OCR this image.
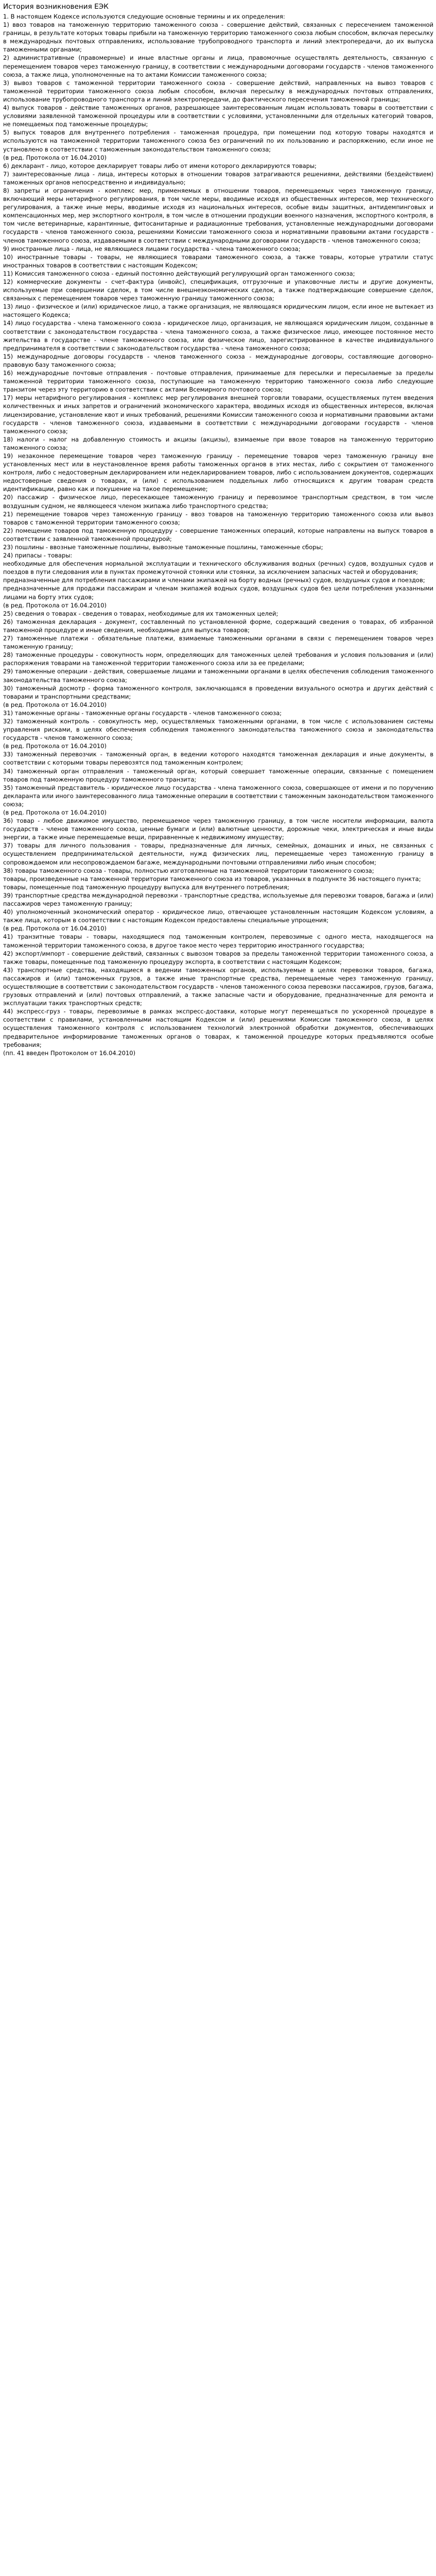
История возникновения ЕЭК

1. В настоящем Кодексе используются следующие основные термины и их определения:

1) ввоз товаров на таможенную территорию таможенного союза - совершение действий, связанных с пересечением таможенной границы, в результате которых товары прибыли на таможенную территорию таможенного союза любым способом, включая пересылку в международных почтовых отправлениях, использование трубопроводного транспорта и линий электропередачи, до их выпуска таможенными органами;

2) административные (правомерные) и иные властные органы и лица, правомочные осуществлять деятельность, связанную с перемещением товаров через таможенную границу, в соответствии с международными договорами государств - членов таможенного союза, а также лица, уполномоченные на то актами Комиссии таможенного союза;

3) вывоз товаров с таможенной территории таможенного союза - совершение действий, направленных на вывоз товаров с таможенной территории таможенного союза любым способом, включая пересылку в международных почтовых отправлениях, использование трубопроводного транспорта и линий электропередачи, до фактического пересечения таможенной границы;

4) выпуск товаров - действие таможенных органов, разрешающее заинтересованным лицам использовать товары в соответствии с условиями заявленной таможенной процедуры или в соответствии с условиями, установленными для отдельных категорий товаров, не помещаемых под таможенные процедуры;

5) выпуск товаров для внутреннего потребления - таможенная процедура, при помещении под которую товары находятся и используются на таможенной территории таможенного союза без ограничений по их пользованию и распоряжению, если иное не установлено в соответствии с таможенным законодательством таможенного союза;

(в ред. Протокола от 16.04.2010)

6) декларант - лицо, которое декларирует товары либо от имени которого декларируются товары;

7) заинтересованные лица - лица, интересы которых в отношении товаров затрагиваются решениями, действиями (бездействием) таможенных органов непосредственно и индивидуально;

8) запреты и ограничения - комплекс мер, применяемых в отношении товаров, перемещаемых через таможенную границу, включающий меры нетарифного регулирования, в том числе меры, вводимые исходя из общественных интересов, мер технического регулирования, а также иные меры, вводимые исходя из национальных интересов, особые виды защитных, антидемпинговых и компенсационных мер, мер экспортного контроля, в том числе в отношении продукции военного назначения, экспортного контроля, в том числе ветеринарные, карантинные, фитосанитарные и радиационные требования, установленные международными договорами государств - членов таможенного союза, решениями Комиссии таможенного союза и нормативными правовыми актами государств - членов таможенного союза, издаваемыми в соответствии с международными договорами государств - членов таможенного союза;

9) иностранные лица - лица, не являющиеся лицами государства - члена таможенного союза;

10) иностранные товары - товары, не являющиеся товарами таможенного союза, а также товары, которые утратили статус иностранных товаров в соответствии с настоящим Кодексом;

11) Комиссия таможенного союза - единый постоянно действующий регулирующий орган таможенного союза;

12) коммерческие документы - счет-фактура (инвойс), спецификация, отгрузочные и упаковочные листы и другие документы, используемые при совершении сделок, в том числе внешнеэкономических сделок, а также подтверждающие совершение сделок, связанных с перемещением товаров через таможенную границу таможенного союза;

13) лицо - физическое и (или) юридическое лицо, а также организация, не являющаяся юридическим лицом, если иное не вытекает из настоящего Кодекса;

14) лицо государства - члена таможенного союза - юридическое лицо, организация, не являющаяся юридическим лицом, созданные в соответствии с законодательством государства - члена таможенного союза, а также физическое лицо, имеющее постоянное место жительства в государстве - члене таможенного союза, или физическое лицо, зарегистрированное в качестве индивидуального предпринимателя в соответствии с законодательством государства - члена таможенного союза;

15) международные договоры государств - членов таможенного союза - международные договоры, составляющие договорно-правовую базу таможенного союза;

16) международные почтовые отправления - почтовые отправления, принимаемые для пересылки и пересылаемые за пределы таможенной территории таможенного союза, поступающие на таможенную территорию таможенного союза либо следующие транзитом через эту территорию в соответствии с актами Всемирного почтового союза;

17) меры нетарифного регулирования - комплекс мер регулирования внешней торговли товарами, осуществляемых путем введения количественных и иных запретов и ограничений экономического характера, вводимых исходя из общественных интересов, включая лицензирование, установление квот и иных требований, решениями Комиссии таможенного союза и нормативными правовыми актами государств - членов таможенного союза, издаваемыми в соответствии с международными договорами государств - членов таможенного союза;

18) налоги - налог на добавленную стоимость и акцизы (акцизы), взимаемые при ввозе товаров на таможенную территорию таможенного союза;

19) незаконное перемещение товаров через таможенную границу - перемещение товаров через таможенную границу вне установленных мест или в неустановленное время работы таможенных органов в этих местах, либо с сокрытием от таможенного контроля, либо с недостоверным декларированием или недекларированием товаров, либо с использованием документов, содержащих недостоверные сведения о товарах, и (или) с использованием поддельных либо относящихся к другим товарам средств идентификации, равно как и покушение на такое перемещение;

20) пассажир - физическое лицо, пересекающее таможенную границу и перевозимое транспортным средством, в том числе воздушным судном, не являющееся членом экипажа либо транспортного средства;

21) перемещение товаров через таможенную границу - ввоз товаров на таможенную территорию таможенного союза или вывоз товаров с таможенной территории таможенного союза;

22) помещение товаров под таможенную процедуру - совершение таможенных операций, которые направлены на выпуск товаров в соответствии с заявленной таможенной процедурой;

23) пошлины - ввозные таможенные пошлины, вывозные таможенные пошлины, таможенные сборы;

24) припасы - товары:

необходимые для обеспечения нормальной эксплуатации и технического обслуживания водных (речных) судов, воздушных судов и поездов в пути следования или в пунктах промежуточной стоянки или стоянки, за исключением запасных частей и оборудования;

предназначенные для потребления пассажирами и членами экипажей на борту водных (речных) судов, воздушных судов и поездов;

предназначенные для продажи пассажирам и членам экипажей водных судов, воздушных судов без цели потребления указанными лицами на борту этих судов;

(в ред. Протокола от 16.04.2010)

25) сведения о товарах - сведения о товарах, необходимые для их таможенных целей;

26) таможенная декларация - документ, составленный по установленной форме, содержащий сведения о товарах, об избранной таможенной процедуре и иные сведения, необходимые для выпуска товаров;

27) таможенные платежи - обязательные платежи, взимаемые таможенными органами в связи с перемещением товаров через таможенную границу;

28) таможенные процедуры - совокупность норм, определяющих для таможенных целей требования и условия пользования и (или) распоряжения товарами на таможенной территории таможенного союза или за ее пределами;

29) таможенные операции - действия, совершаемые лицами и таможенными органами в целях обеспечения соблюдения таможенного законодательства таможенного союза;

30) таможенный досмотр - форма таможенного контроля, заключающаяся в проведении визуального осмотра и других действий с товарами и транспортными средствами;

(в ред. Протокола от 16.04.2010)

31) таможенные органы - таможенные органы государств - членов таможенного союза;

32) таможенный контроль - совокупность мер, осуществляемых таможенными органами, в том числе с использованием системы управления рисками, в целях обеспечения соблюдения таможенного законодательства таможенного союза и законодательства государств - членов таможенного союза;

(в ред. Протокола от 16.04.2010)

33) таможенный перевозчик - таможенный орган, в ведении которого находятся таможенная декларация и иные документы, в соответствии с которыми товары перевозятся под таможенным контролем;

34) таможенный орган отправления - таможенный орган, который совершает таможенные операции, связанные с помещением товаров под таможенную процедуру таможенного транзита;

35) таможенный представитель - юридическое лицо государства - члена таможенного союза, совершающее от имени и по поручению декларанта или иного заинтересованного лица таможенные операции в соответствии с таможенным законодательством таможенного союза;

(в ред. Протокола от 16.04.2010)

36) товар - любое движимое имущество, перемещаемое через таможенную границу, в том числе носители информации, валюта государств - членов таможенного союза, ценные бумаги и (или) валютные ценности, дорожные чеки, электрическая и иные виды энергии, а также иные перемещаемые вещи, приравненные к недвижимому имуществу;

37) товары для личного пользования - товары, предназначенные для личных, семейных, домашних и иных, не связанных с осуществлением предпринимательской деятельности, нужд физических лиц, перемещаемые через таможенную границу в сопровождаемом или несопровождаемом багаже, международными почтовыми отправлениями либо иным способом;

38) товары таможенного союза - товары, полностью изготовленные на таможенной территории таможенного союза;

товары, произведенные на таможенной территории таможенного союза из товаров, указанных в подпункте 36 настоящего пункта;

товары, помещенные под таможенную процедуру выпуска для внутреннего потребления;

39) транспортные средства международной перевозки - транспортные средства, используемые для перевозки товаров, багажа и (или) пассажиров через таможенную границу;

40) уполномоченный экономический оператор - юридическое лицо, отвечающее установленным настоящим Кодексом условиям, а также лица, которым в соответствии с настоящим Кодексом предоставлены специальные упрощения;

(в ред. Протокола от 16.04.2010)

41) транзитные товары - товары, находящиеся под таможенным контролем, перевозимые с одного места, находящегося на таможенной территории таможенного союза, в другое такое место через территорию иностранного государства;

42) экспорт/импорт - совершение действий, связанных с вывозом товаров за пределы таможенной территории таможенного союза, а также товары, помещенные под таможенную процедуру экспорта, в соответствии с настоящим Кодексом;

43) транспортные средства, находящиеся в ведении таможенных органов, используемые в целях перевозки товаров, багажа, пассажиров и (или) таможенных грузов, а также иные транспортные средства, перемещаемые через таможенную границу, осуществляющие в соответствии с законодательством государств - членов таможенного союза перевозки пассажиров, грузов, багажа, грузовых отправлений и (или) почтовых отправлений, а также запасные части и оборудование, предназначенные для ремонта и эксплуатации таких транспортных средств;

44) экспресс-груз - товары, перевозимые в рамках экспресс-доставки, которые могут перемещаться по ускоренной процедуре в соответствии с правилами, установленными настоящим Кодексом и (или) решениями Комиссии таможенного союза, в целях осуществления таможенного контроля с использованием технологий электронной обработки документов, обеспечивающих предварительное информирование таможенных органов о товарах, к таможенной процедуре которых предъявляются особые требования;

(пп. 41 введен Протоколом от 16.04.2010)
